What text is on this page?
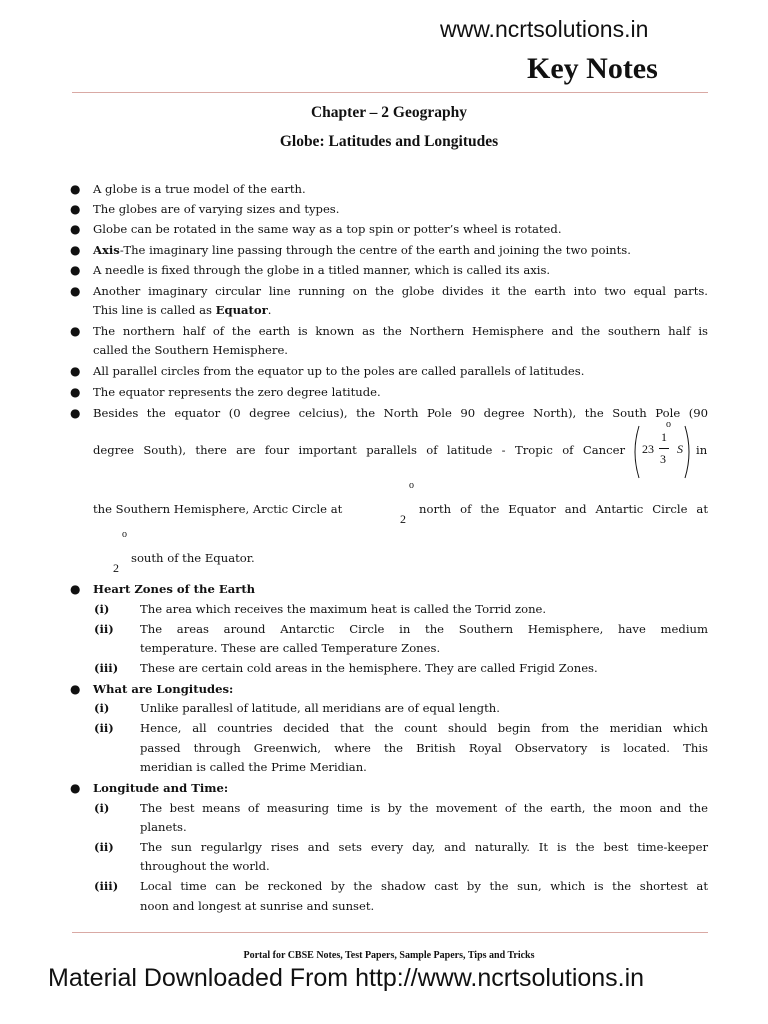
www.ncrtsolutions.in
Key Notes
Chapter – 2 Geography
Globe: Latitudes and Longitudes
● A globe is a true model of the earth.
● The globes are of varying sizes and types.
● Globe can be rotated in the same way as a top spin or potter’s wheel is rotated.
● Axis-The imaginary line passing through the centre of the earth and joining the two points.
● A needle is fixed through the globe in a titled manner, which is called its axis.
● Another imaginary circular line running on the globe divides it the earth into two equal parts.
This line is called as Equator.
● The northern half of the earth is known as the Northern Hemisphere and the southern half is
called the Southern Hemisphere.
● All parallel circles from the equator up to the poles are called parallels of latitudes.
● The equator represents the zero degree latitude.
● Besides the equator (0 degree celcius), the North Pole 90 degree North), the South Pole (90
degree South), there are four important parallels of latitude - Tropic of Cancer 23
1
3
o
S in
o
the Southern Hemisphere, Arctic Circle at
2
north of the Equator and Antartic Circle at
o
2
south of the Equator.
● Heart Zones of the Earth
(i)	The area which receives the maximum heat is called the Torrid zone.
(ii) The areas around Antarctic Circle in the Southern Hemisphere, have medium
temperature. These are called Temperature Zones.
(iii) These are certain cold areas in the hemisphere. They are called Frigid Zones.
● What are Longitudes:
(i)	Unlike parallesl of latitude, all meridians are of equal length.
(ii) Hence, all countries decided that the count should begin from the meridian which
passed through Greenwich, where the British Royal Observatory is located. This
meridian is called the Prime Meridian.
● Longitude and Time:
(i)	The best means of measuring time is by the movement of the earth, the moon and the
planets.
(ii) The sun regularlgy rises and sets every day, and naturally. It is the best time-keeper
throughout the world.
(iii) Local time can be reckoned by the shadow cast by the sun, which is the shortest at
noon and longest at sunrise and sunset.
Portal for CBSE Notes, Test Papers, Sample Papers, Tips and Tricks
Material Downloaded From http://www.ncrtsolutions.in
